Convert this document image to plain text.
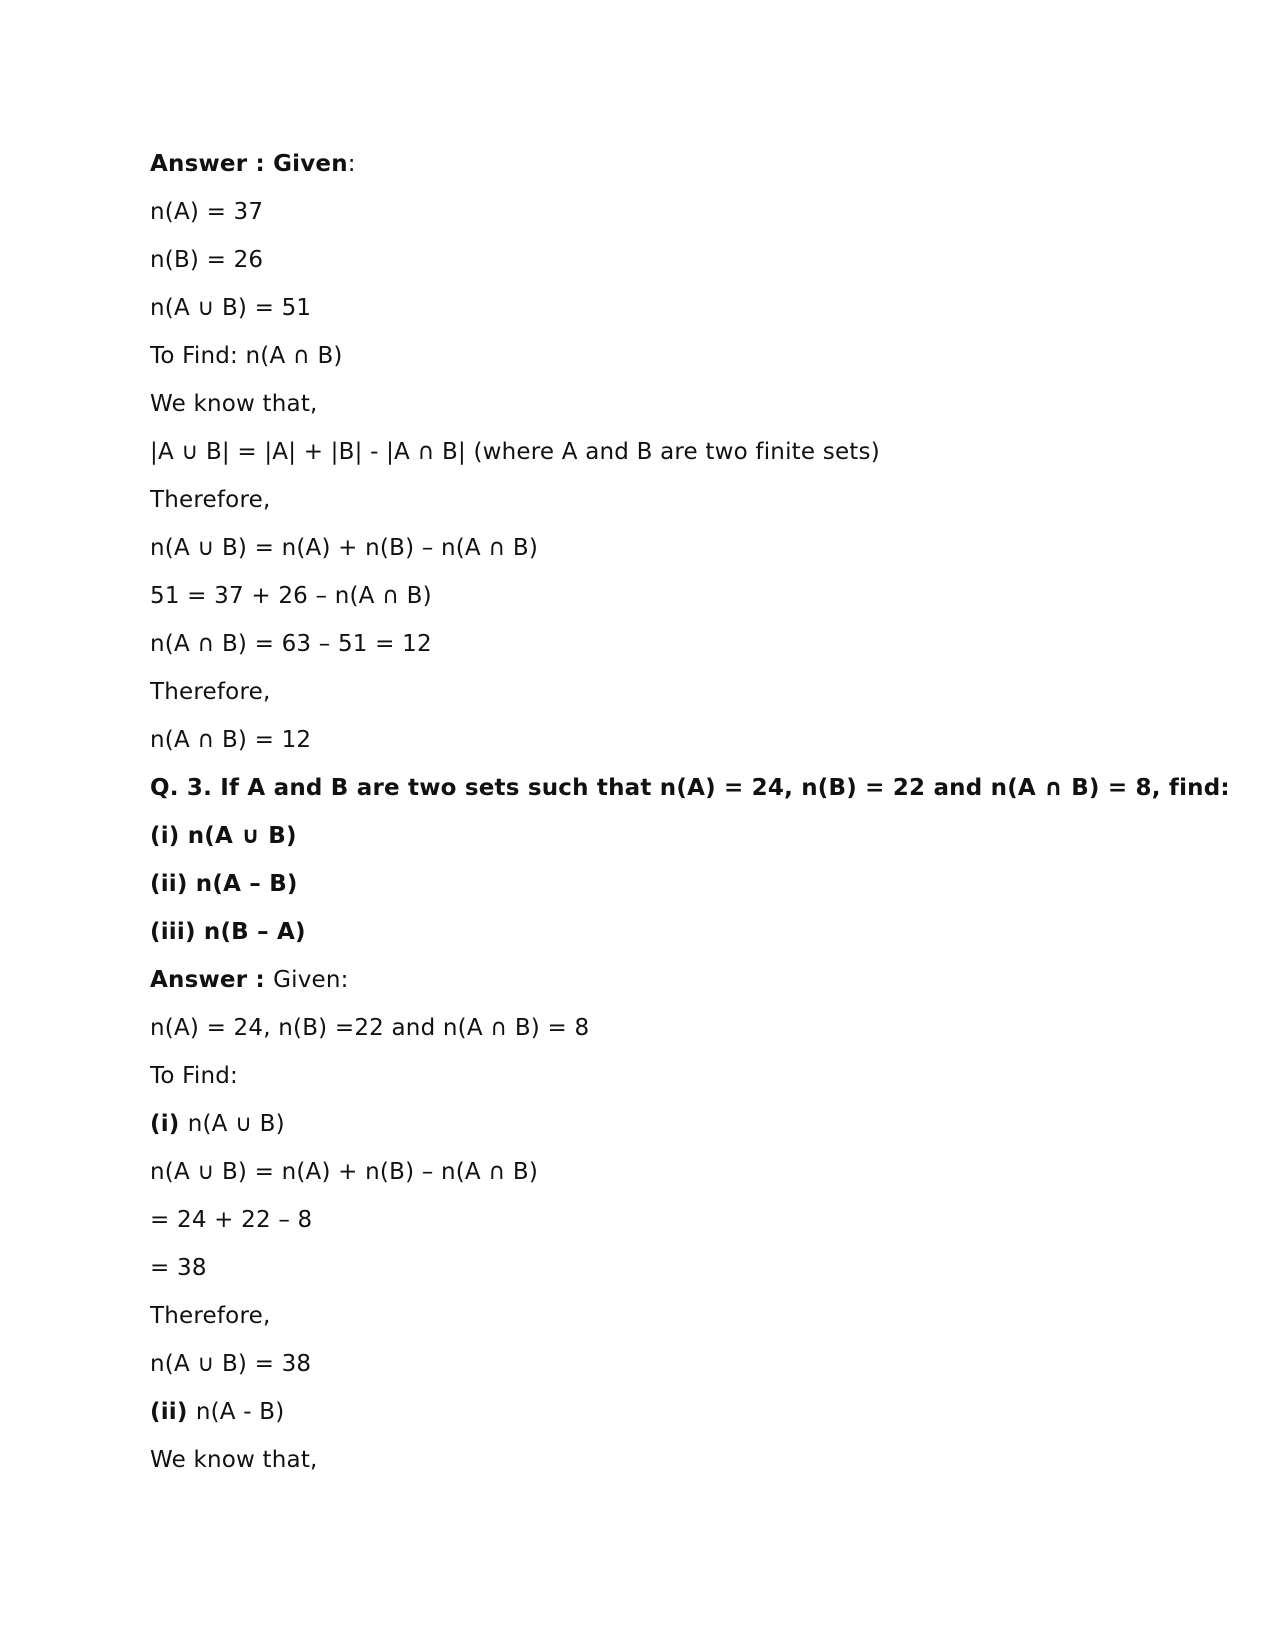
Answer : Given:
n(A) = 37
n(B) = 26
n(A ∪ B) = 51
To Find: n(A ∩ B)
We know that,
|A ∪ B| = |A| + |B| - |A ∩ B| (where A and B are two finite sets)
Therefore,
n(A ∪ B) = n(A) + n(B) – n(A ∩ B)
51 = 37 + 26 – n(A ∩ B)
n(A ∩ B) = 63 – 51 = 12
Therefore,
n(A ∩ B) = 12
Q. 3. If A and B are two sets such that n(A) = 24, n(B) = 22 and n(A ∩ B) = 8, find:
(i) n(A ∪ B)
(ii) n(A – B)
(iii) n(B – A)
Answer : Given:
n(A) = 24, n(B) =22 and n(A ∩ B) = 8
To Find:
(i) n(A ∪ B)
n(A ∪ B) = n(A) + n(B) – n(A ∩ B)
= 24 + 22 – 8
= 38
Therefore,
n(A ∪ B) = 38
(ii) n(A - B)
We know that,
